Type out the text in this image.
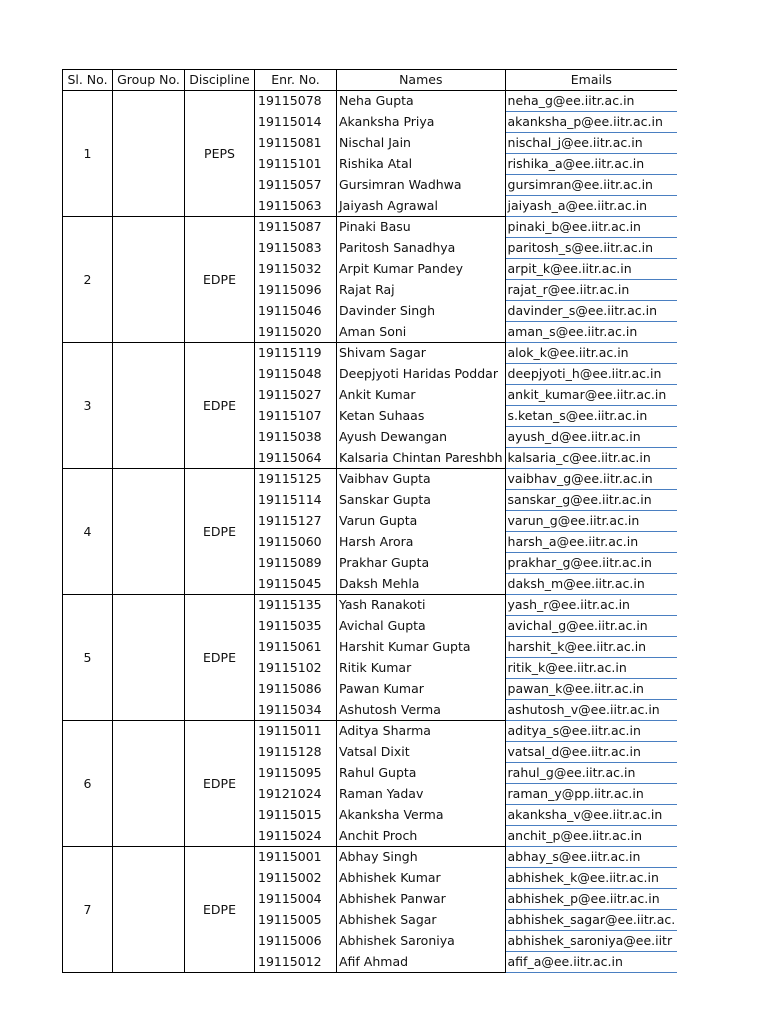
Sl. No.	Group No.	Discipline	Enr. No.	Names	Emails
1		PEPS	19115078	Neha Gupta	neha_g@ee.iitr.ac.in
			19115014	Akanksha Priya	akanksha_p@ee.iitr.ac.in
			19115081	Nischal Jain	nischal_j@ee.iitr.ac.in
			19115101	Rishika Atal	rishika_a@ee.iitr.ac.in
			19115057	Gursimran Wadhwa	gursimran@ee.iitr.ac.in
			19115063	Jaiyash Agrawal	jaiyash_a@ee.iitr.ac.in
2		EDPE	19115087	Pinaki Basu	pinaki_b@ee.iitr.ac.in
			19115083	Paritosh Sanadhya	paritosh_s@ee.iitr.ac.in
			19115032	Arpit Kumar Pandey	arpit_k@ee.iitr.ac.in
			19115096	Rajat Raj	rajat_r@ee.iitr.ac.in
			19115046	Davinder Singh	davinder_s@ee.iitr.ac.in
			19115020	Aman Soni	aman_s@ee.iitr.ac.in
3		EDPE	19115119	Shivam Sagar	alok_k@ee.iitr.ac.in
			19115048	Deepjyoti Haridas Poddar	deepjyoti_h@ee.iitr.ac.in
			19115027	Ankit Kumar	ankit_kumar@ee.iitr.ac.in
			19115107	Ketan Suhaas	s.ketan_s@ee.iitr.ac.in
			19115038	Ayush Dewangan	ayush_d@ee.iitr.ac.in
			19115064	Kalsaria Chintan Pareshbh	kalsaria_c@ee.iitr.ac.in
4		EDPE	19115125	Vaibhav Gupta	vaibhav_g@ee.iitr.ac.in
			19115114	Sanskar Gupta	sanskar_g@ee.iitr.ac.in
			19115127	Varun Gupta	varun_g@ee.iitr.ac.in
			19115060	Harsh Arora	harsh_a@ee.iitr.ac.in
			19115089	Prakhar Gupta	prakhar_g@ee.iitr.ac.in
			19115045	Daksh Mehla	daksh_m@ee.iitr.ac.in
5		EDPE	19115135	Yash Ranakoti	yash_r@ee.iitr.ac.in
			19115035	Avichal Gupta	avichal_g@ee.iitr.ac.in
			19115061	Harshit Kumar Gupta	harshit_k@ee.iitr.ac.in
			19115102	Ritik Kumar	ritik_k@ee.iitr.ac.in
			19115086	Pawan Kumar	pawan_k@ee.iitr.ac.in
			19115034	Ashutosh Verma	ashutosh_v@ee.iitr.ac.in
6		EDPE	19115011	Aditya Sharma	aditya_s@ee.iitr.ac.in
			19115128	Vatsal Dixit	vatsal_d@ee.iitr.ac.in
			19115095	Rahul Gupta	rahul_g@ee.iitr.ac.in
			19121024	Raman Yadav	raman_y@pp.iitr.ac.in
			19115015	Akanksha Verma	akanksha_v@ee.iitr.ac.in
			19115024	Anchit Proch	anchit_p@ee.iitr.ac.in
7		EDPE	19115001	Abhay Singh	abhay_s@ee.iitr.ac.in
			19115002	Abhishek Kumar	abhishek_k@ee.iitr.ac.in
			19115004	Abhishek Panwar	abhishek_p@ee.iitr.ac.in
			19115005	Abhishek Sagar	abhishek_sagar@ee.iitr.ac.
			19115006	Abhishek Saroniya	abhishek_saroniya@ee.iitr
			19115012	Afif Ahmad	afif_a@ee.iitr.ac.in
